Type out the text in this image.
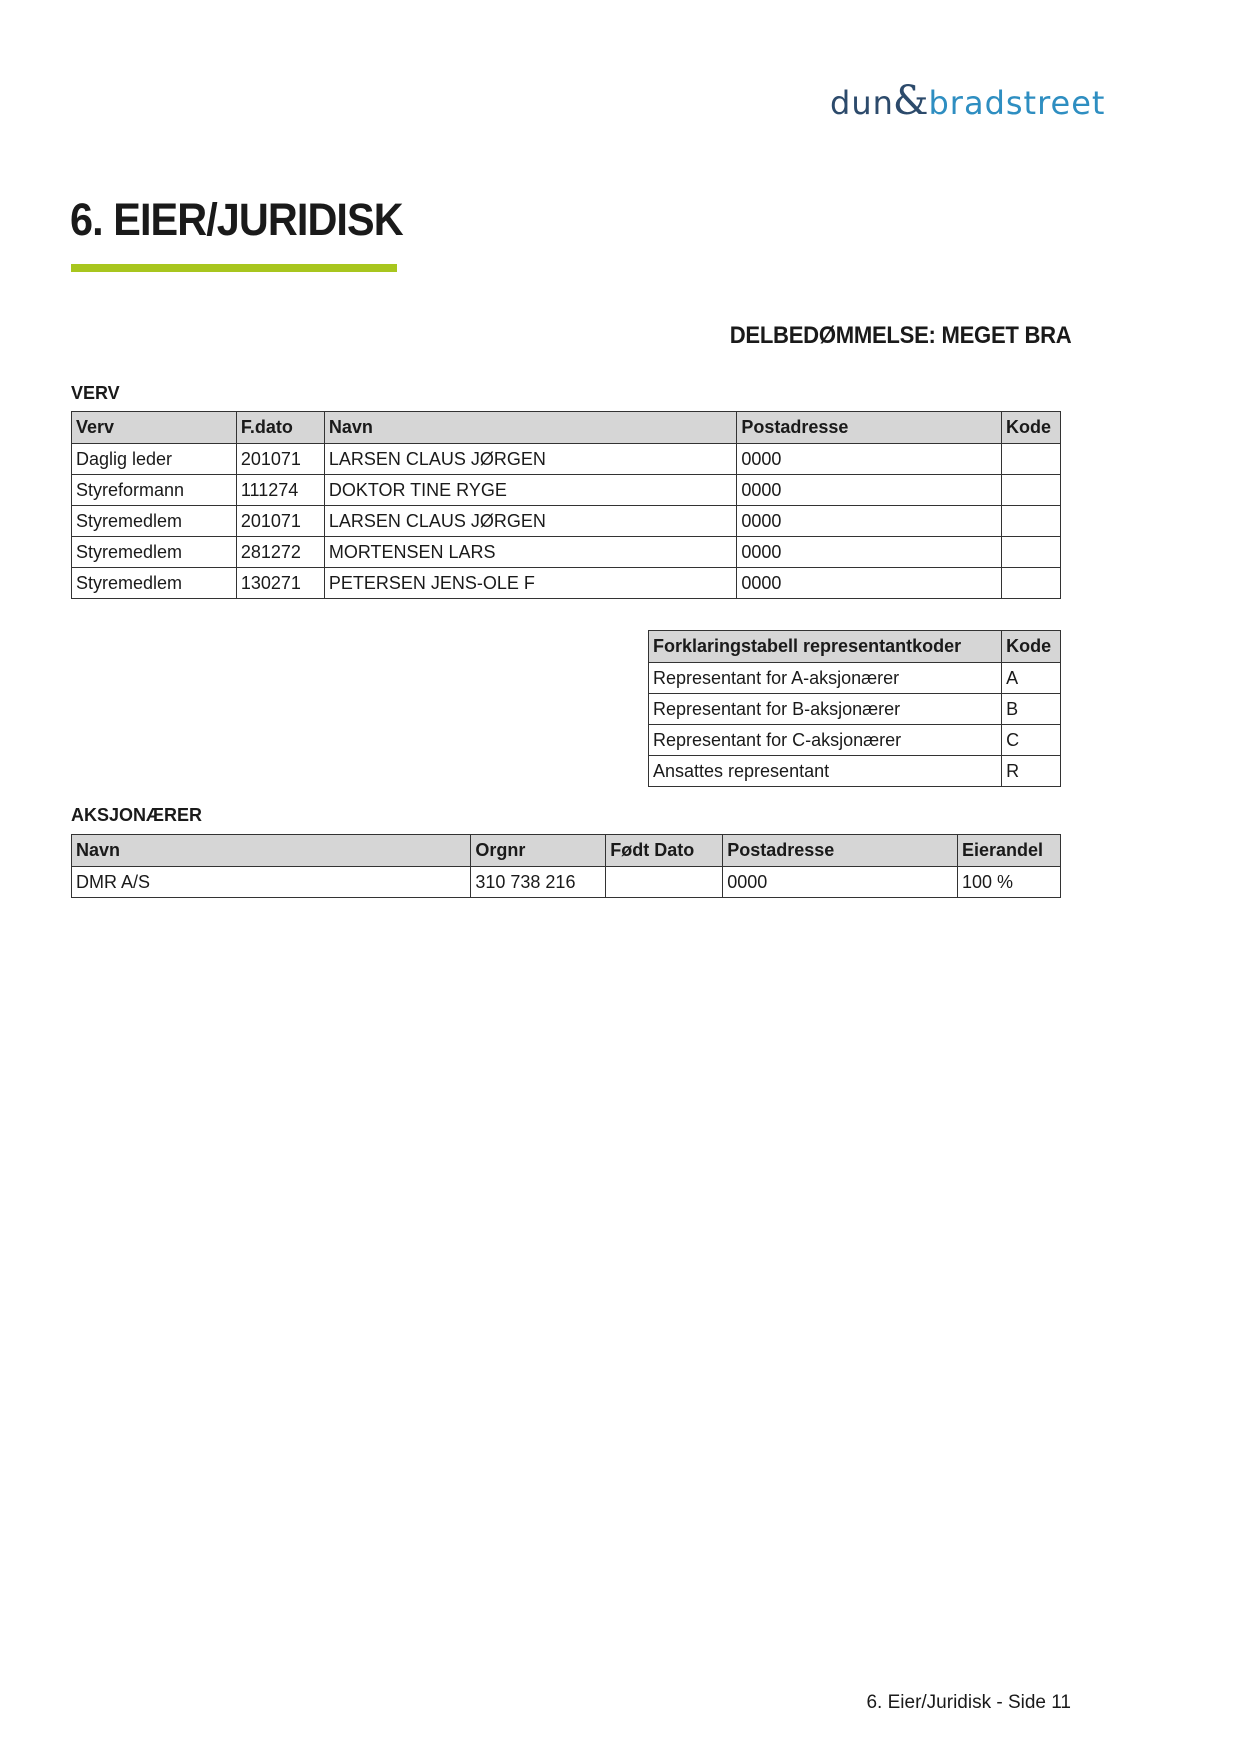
dun&bradstreet
6. EIER/JURIDISK
DELBEDØMMELSE: MEGET BRA
VERV
Verv	F.dato	Navn	Postadresse	Kode
Daglig leder	201071	LARSEN CLAUS JØRGEN	0000	
Styreformann	111274	DOKTOR TINE RYGE	0000	
Styremedlem	201071	LARSEN CLAUS JØRGEN	0000	
Styremedlem	281272	MORTENSEN LARS	0000	
Styremedlem	130271	PETERSEN JENS-OLE F	0000	
Forklaringstabell representantkoder	Kode
Representant for A-aksjonærer	A
Representant for B-aksjonærer	B
Representant for C-aksjonærer	C
Ansattes representant	R
AKSJONÆRER
Navn	Orgnr	Født Dato	Postadresse	Eierandel
DMR A/S	310 738 216		0000	100 %
6. Eier/Juridisk - Side 11
